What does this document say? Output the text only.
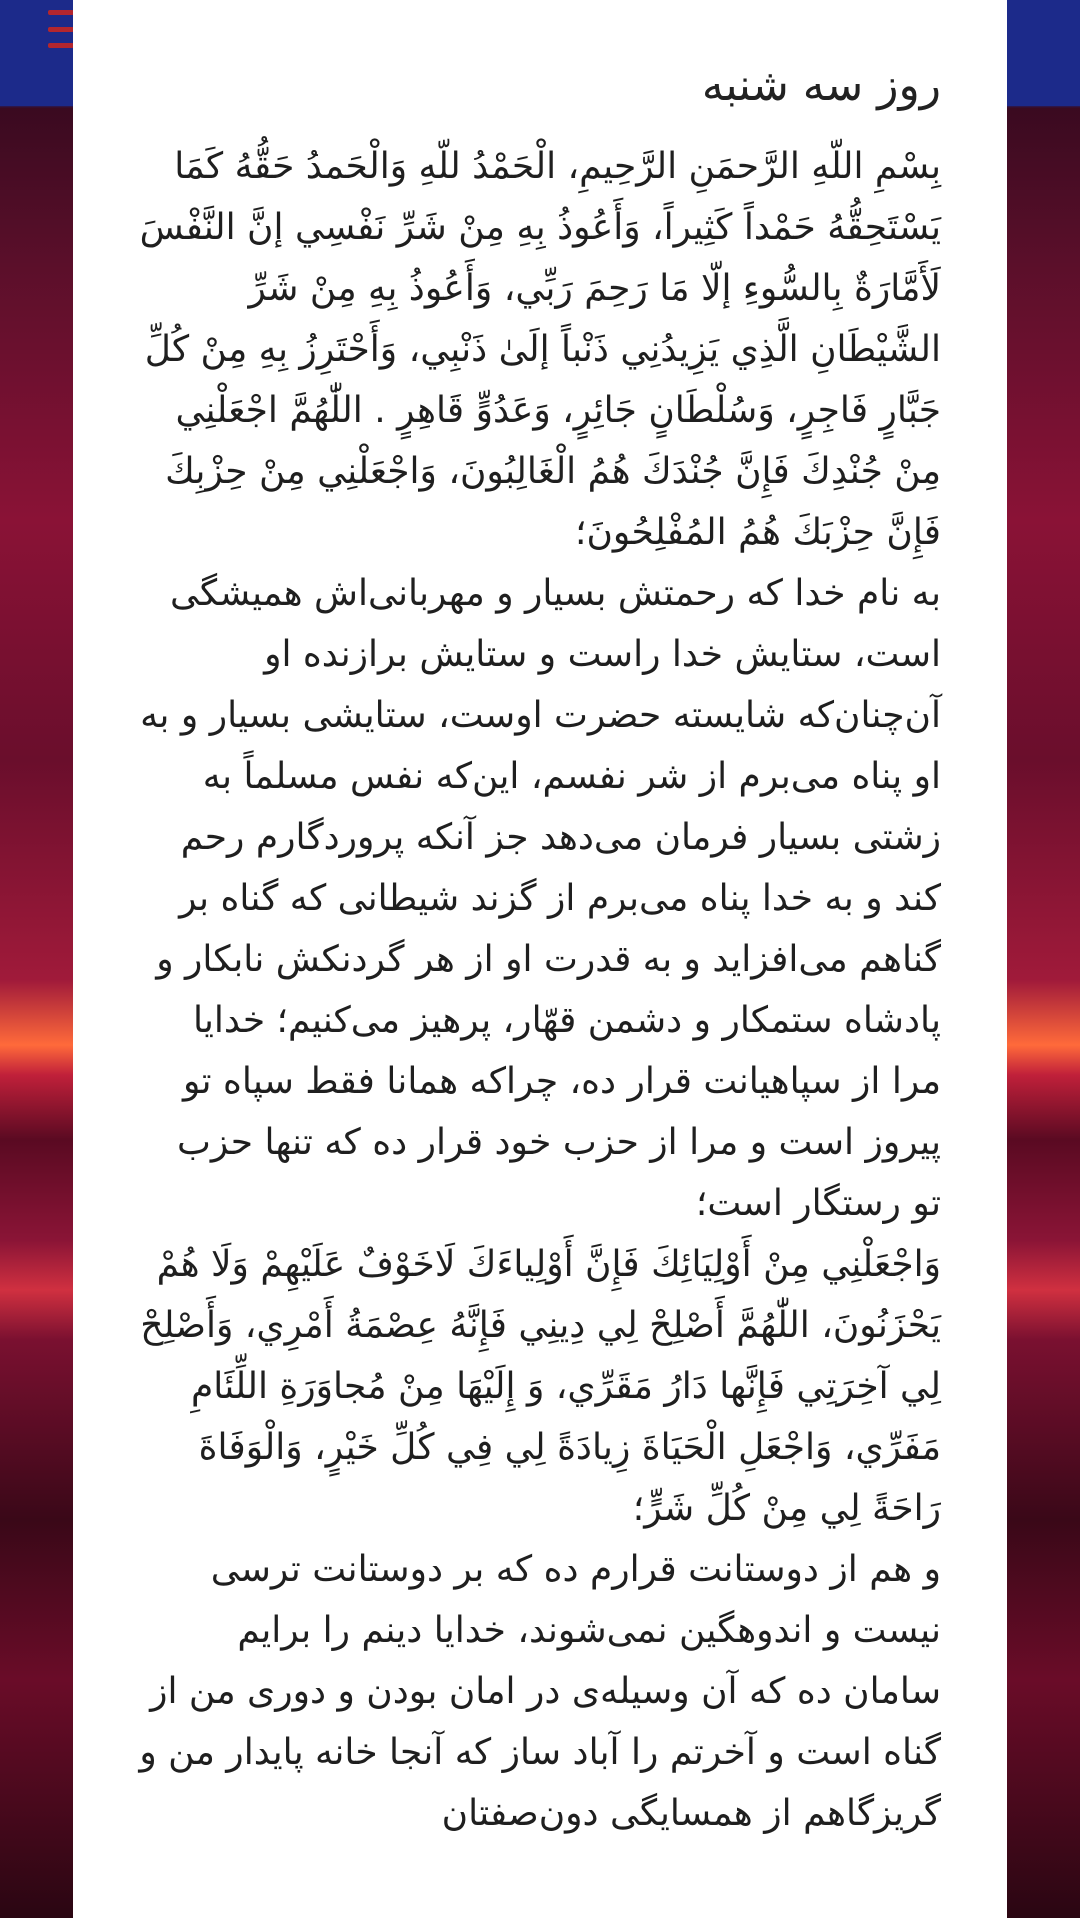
روز سه شنبه

بِسْمِ اللّهِ الرَّحمَنِ الرَّحِيمِ، الْحَمْدُ للّهِ وَالْحَمدُ حَقُّهُ كَمَا يَسْتَحِقُّهُ حَمْداً كَثِيراً، وَأَعُوذُ بِهِ مِنْ شَرِّ نَفْسِي إنَّ النَّفْسَ لَأَمَّارَةٌ بِالسُّوءِ إلّا مَا رَحِمَ رَبِّي، وَأَعُوذُ بِهِ مِنْ شَرِّ الشَّيْطَانِ الَّذِي يَزِيدُنِي ذَنْباً إلَىٰ ذَنْبِي، وَأَحْتَرِزُ بِهِ مِنْ كُلِّ جَبَّارٍ فَاجِرٍ، وَسُلْطَانٍ جَائِرٍ، وَعَدُوٍّ قَاهِرٍ . اللّٰهُمَّ اجْعَلْنِي مِنْ جُنْدِكَ فَإِنَّ جُنْدَكَ هُمُ الْغَالِبُونَ، وَاجْعَلْنِي مِنْ حِزْبِكَ فَإِنَّ حِزْبَكَ هُمُ المُفْلِحُونَ؛

به نام خدا که رحمتش بسیار و مهربانی‌اش همیشگی است، ستایش خدا راست و ستایش برازنده او آن‌چنان‌که شایسته حضرت اوست، ستایشی بسیار و به او پناه می‌برم از شر نفسم، این‌که نفس مسلماً به زشتی بسیار فرمان می‌دهد جز آنکه پروردگارم رحم کند و به خدا پناه می‌برم از گزند شیطانی که گناه بر گناهم می‌افزاید و به قدرت او از هر گردنکش نابکار و پادشاه ستمکار و دشمن قهّار، پرهیز می‌کنیم؛ خدایا مرا از سپاهیانت قرار ده، چراکه همانا فقط سپاه تو پیروز است و مرا از حزب خود قرار ده که تنها حزب تو رستگار است؛

وَاجْعَلْنِي مِنْ أَوْلِيَائِكَ فَإِنَّ أَوْلِياءَكَ لَاخَوْفٌ عَلَيْهِمْ وَلَا هُمْ يَحْزَنُونَ، اللّٰهُمَّ أَصْلِحْ لِي دِينِي فَإِنَّهُ عِصْمَةُ أَمْرِي، وَأَصْلِحْ لِي آخِرَتِي فَإِنَّها دَارُ مَقَرِّي، وَ إِلَيْهَا مِنْ مُجاوَرَةِ اللِّئَامِ مَفَرِّي، وَاجْعَلِ الْحَيَاةَ زِيادَةً لِي فِي كُلِّ خَيْرٍ، وَالْوَفَاةَ رَاحَةً لِي مِنْ كُلِّ شَرٍّ؛

و هم از دوستانت قرارم ده که بر دوستانت ترسی نیست و اندوهگین نمی‌شوند، خدایا دینم را برایم سامان ده که آن وسیله‌ی در امان بودن و دوری من از گناه است و آخرتم را آباد ساز که آنجا خانه پایدار من و گریزگاهم از همسایگی دون‌صفتان
